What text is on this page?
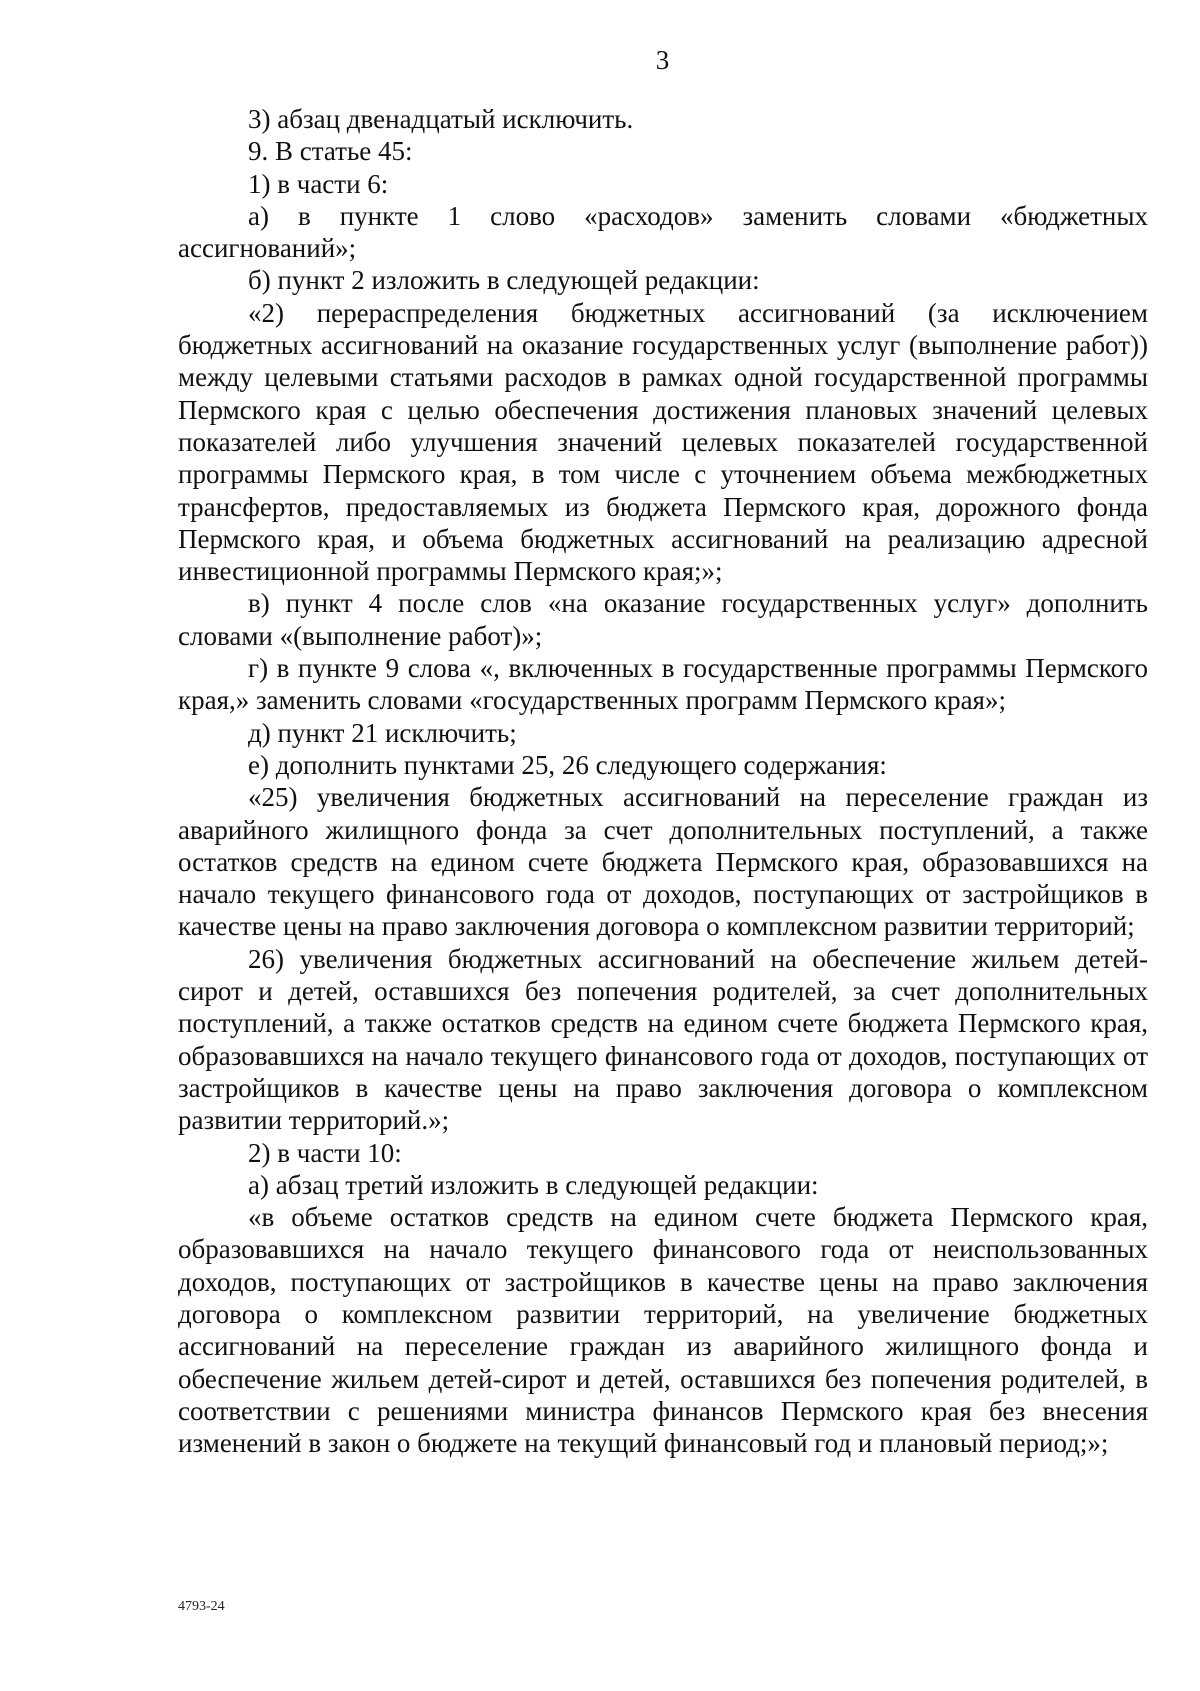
3

3) абзац двенадцатый исключить.

9. В статье 45:

1) в части 6:

а) в пункте 1 слово «расходов» заменить словами «бюджетных ассигнований»;

б) пункт 2 изложить в следующей редакции:

«2) перераспределения бюджетных ассигнований (за исключением бюджетных ассигнований на оказание государственных услуг (выполнение работ)) между целевыми статьями расходов в рамках одной государственной программы Пермского края с целью обеспечения достижения плановых значений целевых показателей либо улучшения значений целевых показателей государственной программы Пермского края, в том числе с уточнением объема межбюджетных трансфертов, предоставляемых из бюджета Пермского края, дорожного фонда Пермского края, и объема бюджетных ассигнований на реализацию адресной инвестиционной программы Пермского края;»;

в) пункт 4 после слов «на оказание государственных услуг» дополнить словами «(выполнение работ)»;

г) в пункте 9 слова «, включенных в государственные программы Пермского края,» заменить словами «государственных программ Пермского края»;

д) пункт 21 исключить;

е) дополнить пунктами 25, 26 следующего содержания:

«25) увеличения бюджетных ассигнований на переселение граждан из аварийного жилищного фонда за счет дополнительных поступлений, а также остатков средств на едином счете бюджета Пермского края, образовавшихся на начало текущего финансового года от доходов, поступающих от застройщиков в качестве цены на право заключения договора о комплексном развитии территорий;

26) увеличения бюджетных ассигнований на обеспечение жильем детей-сирот и детей, оставшихся без попечения родителей, за счет дополнительных поступлений, а также остатков средств на едином счете бюджета Пермского края, образовавшихся на начало текущего финансового года от доходов, поступающих от застройщиков в качестве цены на право заключения договора о комплексном развитии территорий.»;

2) в части 10:

а) абзац третий изложить в следующей редакции:

«в объеме остатков средств на едином счете бюджета Пермского края, образовавшихся на начало текущего финансового года от неиспользованных доходов, поступающих от застройщиков в качестве цены на право заключения договора о комплексном развитии территорий, на увеличение бюджетных ассигнований на переселение граждан из аварийного жилищного фонда и обеспечение жильем детей-сирот и детей, оставшихся без попечения родителей, в соответствии с решениями министра финансов Пермского края без внесения изменений в закон о бюджете на текущий финансовый год и плановый период;»;

4793-24
